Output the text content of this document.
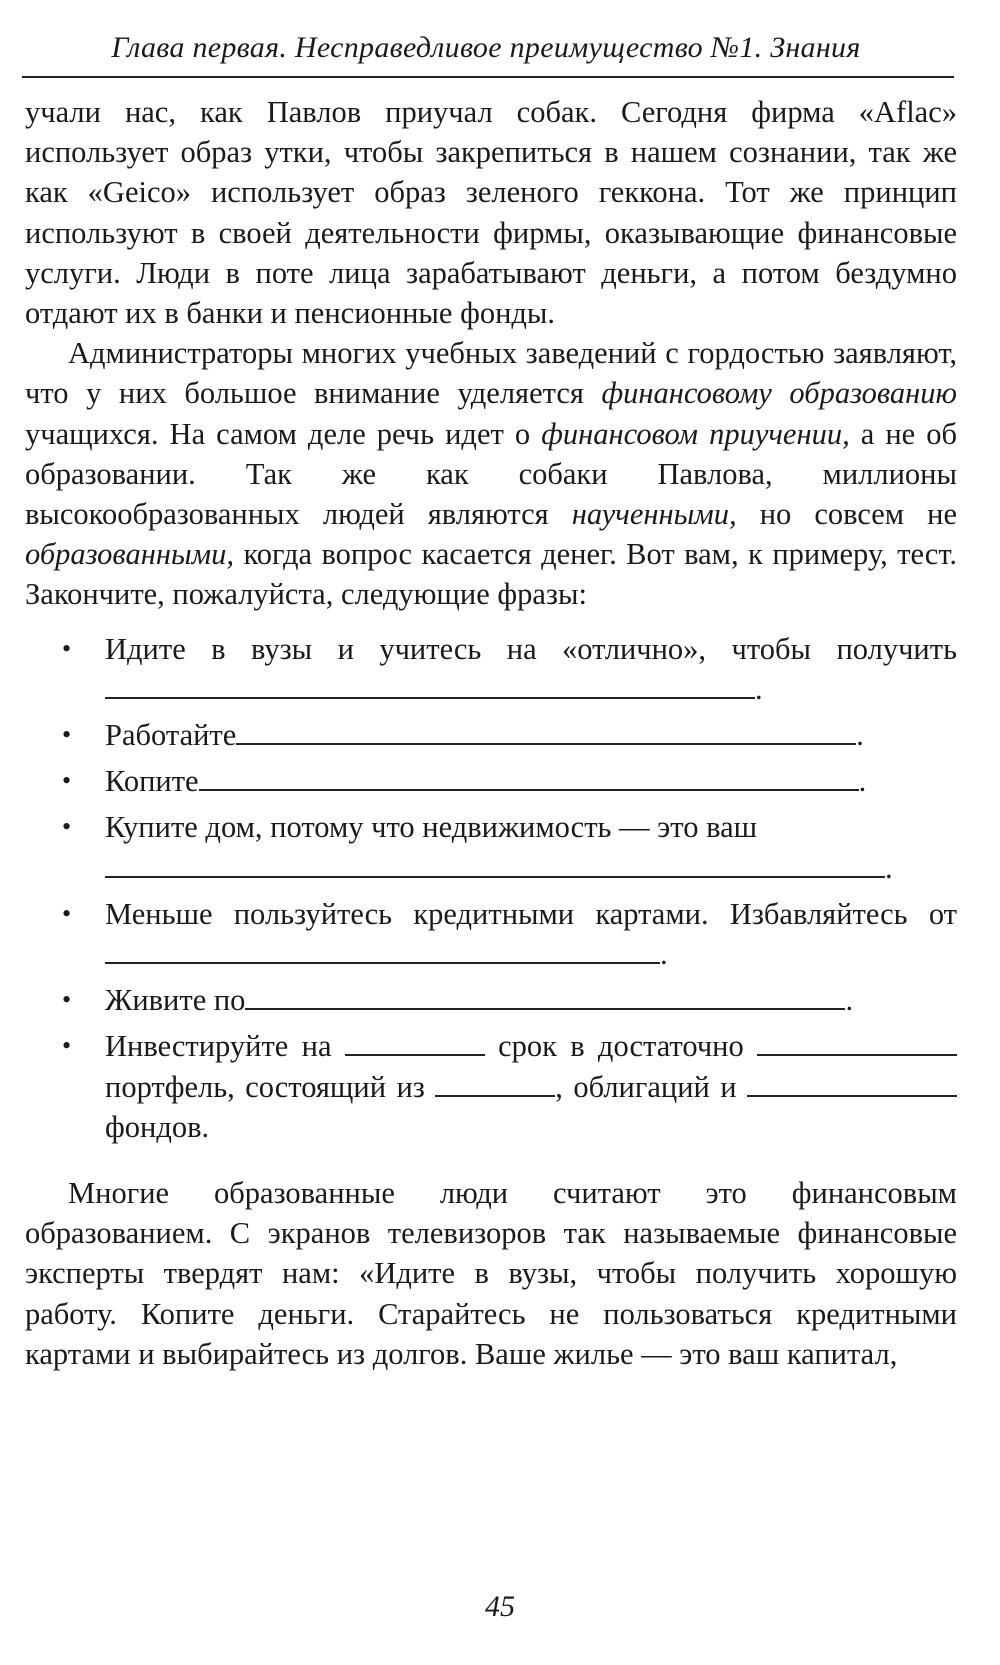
Глава первая. Несправедливое преимущество №1. Знания

учали нас, как Павлов приучал собак. Сегодня фирма «Aflac» использует образ утки, чтобы закрепиться в нашем сознании, так же как «Geico» использует образ зеленого геккона. Тот же принцип используют в своей деятельности фирмы, оказывающие финансовые услуги. Люди в поте лица зарабатывают деньги, а потом бездумно отдают их в банки и пенсионные фонды.

Администраторы многих учебных заведений с гордостью заявляют, что у них большое внимание уделяется финансовому образованию учащихся. На самом деле речь идет о финансовом приучении, а не об образовании. Так же как собаки Павлова, миллионы высокообразованных людей являются наученными, но совсем не образованными, когда вопрос касается денег. Вот вам, к примеру, тест. Закончите, пожалуйста, следующие фразы:

• Идите в вузы и учитесь на «отлично», чтобы получить .
• Работайте	.
• Копите	.
• Купите дом, потому что недвижимость — это ваш
.
• Меньше пользуйтесь кредитными картами. Избавляйтесь от.
• Живите по	.
• Инвестируйте на	срок в достаточно  портфель, состоящий из	, облигаций и  фондов.

Многие образованные люди считают это финансовым образованием. С экранов телевизоров так называемые финансовые эксперты твердят нам: «Идите в вузы, чтобы получить хорошую работу. Копите деньги. Старайтесь не пользоваться кредитными картами и выбирайтесь из долгов. Ваше жилье — это ваш капитал,

45
